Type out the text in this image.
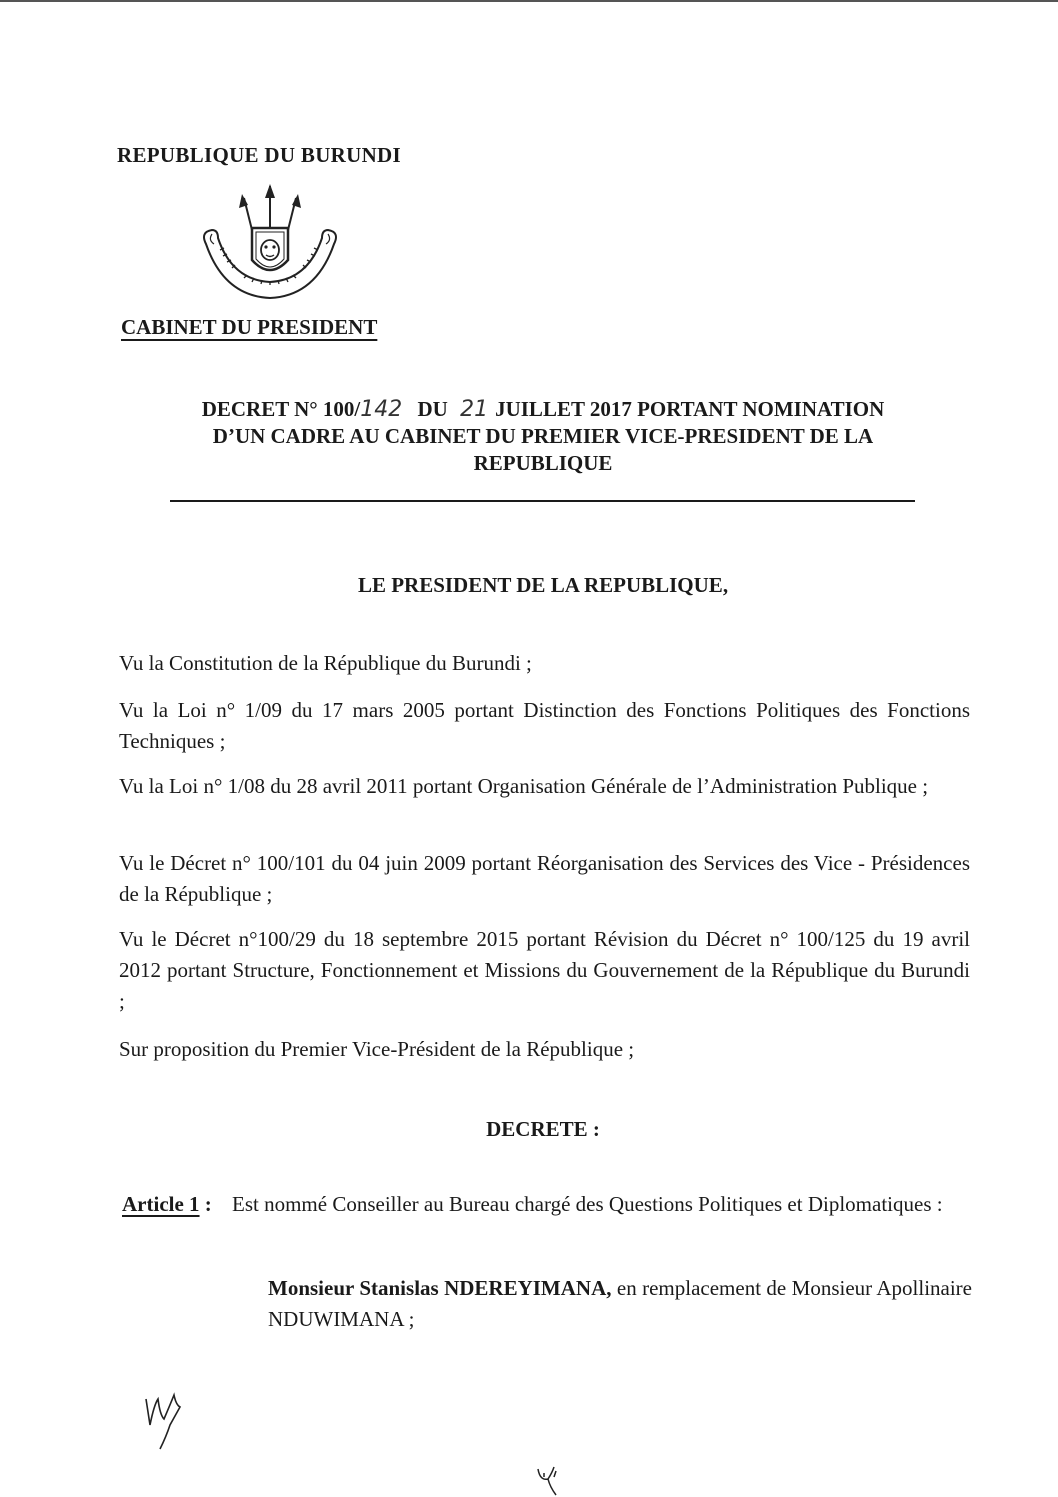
REPUBLIQUE DU BURUNDI

CABINET DU PRESIDENT

DECRET N° 100/142 DU 21 JUILLET 2017 PORTANT NOMINATION
D’UN CADRE AU CABINET DU PREMIER VICE-PRESIDENT DE LA
REPUBLIQUE

LE PRESIDENT DE LA REPUBLIQUE,

Vu la Constitution de la République du Burundi ;

Vu la Loi n° 1/09 du 17 mars 2005 portant Distinction des Fonctions Politiques des Fonctions Techniques ;

Vu la Loi n° 1/08 du 28 avril 2011 portant Organisation Générale de l’Administration Publique ;

Vu le Décret n° 100/101 du 04 juin 2009 portant Réorganisation des Services des Vice - Présidences de la République ;

Vu le Décret n°100/29 du 18 septembre 2015 portant Révision du Décret n° 100/125 du 19 avril 2012 portant Structure, Fonctionnement et Missions du Gouvernement de la République du Burundi ;

Sur proposition du Premier Vice-Président de la République ;

DECRETE :

Article 1 : Est nommé Conseiller au Bureau chargé des Questions Politiques et Diplomatiques :

Monsieur Stanislas NDEREYIMANA, en remplacement de Monsieur Apollinaire NDUWIMANA ;
